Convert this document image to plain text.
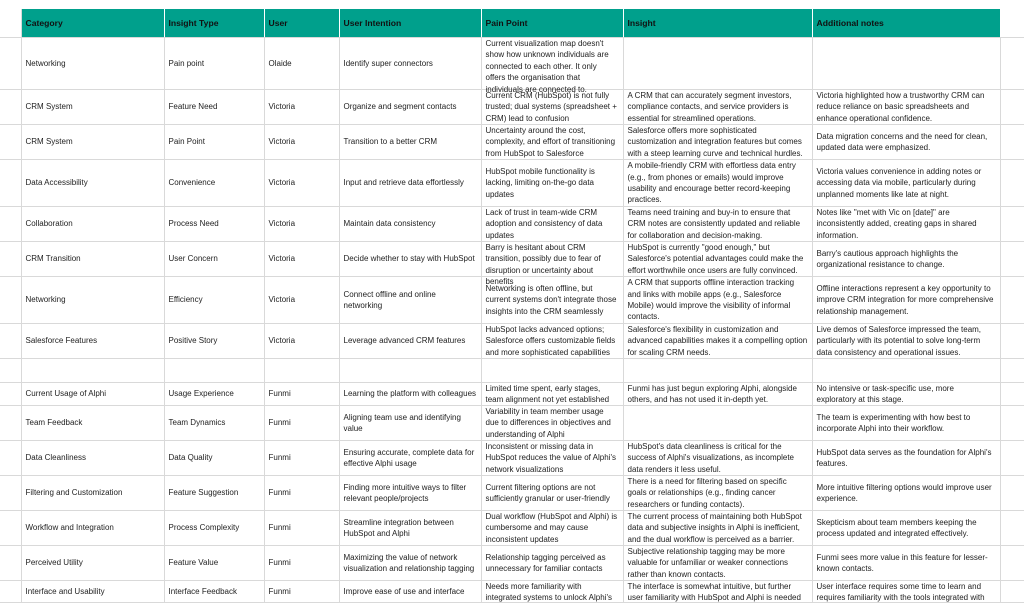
	Category	Insight Type	User	User Intention	Pain Point	Insight	Additional notes	

	Networking	Pain point	Olaide	Identify super connectors	Current visualization map doesn't show how unknown individuals are connected to each other. It only offers the organisation that individuals are connected to.			

	CRM System	Feature Need	Victoria	Organize and segment contacts	Current CRM (HubSpot) is not fully trusted; dual systems (spreadsheet + CRM) lead to confusion	A CRM that can accurately segment investors, compliance contacts, and service providers is essential for streamlined operations.	Victoria highlighted how a trustworthy CRM can reduce reliance on basic spreadsheets and enhance operational confidence.	

	CRM System	Pain Point	Victoria	Transition to a better CRM	Uncertainty around the cost, complexity, and effort of transitioning from HubSpot to Salesforce	Salesforce offers more sophisticated customization and integration features but comes with a steep learning curve and technical hurdles.	Data migration concerns and the need for clean, updated data were emphasized.	

	Data Accessibility	Convenience	Victoria	Input and retrieve data effortlessly	HubSpot mobile functionality is lacking, limiting on-the-go data updates	A mobile-friendly CRM with effortless data entry (e.g., from phones or emails) would improve usability and encourage better record-keeping practices.	Victoria values convenience in adding notes or accessing data via mobile, particularly during unplanned moments like late at night.	

	Collaboration	Process Need	Victoria	Maintain data consistency	Lack of trust in team-wide CRM adoption and consistency of data updates	Teams need training and buy-in to ensure that CRM notes are consistently updated and reliable for collaboration and decision-making.	Notes like "met with Vic on [date]" are inconsistently added, creating gaps in shared information.	

	CRM Transition	User Concern	Victoria	Decide whether to stay with HubSpot	Barry is hesitant about CRM transition, possibly due to fear of disruption or uncertainty about benefits	HubSpot is currently "good enough," but Salesforce's potential advantages could make the effort worthwhile once users are fully convinced.	Barry's cautious approach highlights the organizational resistance to change.	

	Networking	Efficiency	Victoria	Connect offline and online networking	Networking is often offline, but current systems don't integrate those insights into the CRM seamlessly	A CRM that supports offline interaction tracking and links with mobile apps (e.g., Salesforce Mobile) would improve the visibility of informal contacts.	Offline interactions represent a key opportunity to improve CRM integration for more comprehensive relationship management.	

	Salesforce Features	Positive Story	Victoria	Leverage advanced CRM features	HubSpot lacks advanced options; Salesforce offers customizable fields and more sophisticated capabilities	Salesforce's flexibility in customization and advanced capabilities makes it a compelling option for scaling CRM needs.	Live demos of Salesforce impressed the team, particularly with its potential to solve long-term data consistency and operational issues.	

	Current Usage of Alphi	Usage Experience	Funmi	Learning the platform with colleagues	Limited time spent, early stages, team alignment not yet established	Funmi has just begun exploring Alphi, alongside others, and has not used it in-depth yet.	No intensive or task-specific use, more exploratory at this stage.	

	Team Feedback	Team Dynamics	Funmi	Aligning team use and identifying value	Variability in team member usage due to differences in objectives and understanding of Alphi		The team is experimenting with how best to incorporate Alphi into their workflow.	

	Data Cleanliness	Data Quality	Funmi	Ensuring accurate, complete data for effective Alphi usage	Inconsistent or missing data in HubSpot reduces the value of Alphi's network visualizations	HubSpot's data cleanliness is critical for the success of Alphi's visualizations, as incomplete data renders it less useful.	HubSpot data serves as the foundation for Alphi's features.	

	Filtering and Customization	Feature Suggestion	Funmi	Finding more intuitive ways to filter relevant people/projects	Current filtering options are not sufficiently granular or user-friendly	There is a need for filtering based on specific goals or relationships (e.g., finding cancer researchers or funding contacts).	More intuitive filtering options would improve user experience.	

	Workflow and Integration	Process Complexity	Funmi	Streamline integration between HubSpot and Alphi	Dual workflow (HubSpot and Alphi) is cumbersome and may cause inconsistent updates	The current process of maintaining both HubSpot data and subjective insights in Alphi is inefficient, and the dual workflow is perceived as a barrier.	Skepticism about team members keeping the process updated and integrated effectively.	

	Perceived Utility	Feature Value	Funmi	Maximizing the value of network visualization and relationship tagging	Relationship tagging perceived as unnecessary for familiar contacts	Subjective relationship tagging may be more valuable for unfamiliar or weaker connections rather than known contacts.	Funmi sees more value in this feature for lesser-known contacts.	

	Interface and Usability	Interface Feedback	Funmi	Improve ease of use and interface	Needs more familiarity with integrated systems to unlock Alphi's	The interface is somewhat intuitive, but further user familiarity with HubSpot and Alphi is needed	User interface requires some time to learn and requires familiarity with the tools integrated with	
